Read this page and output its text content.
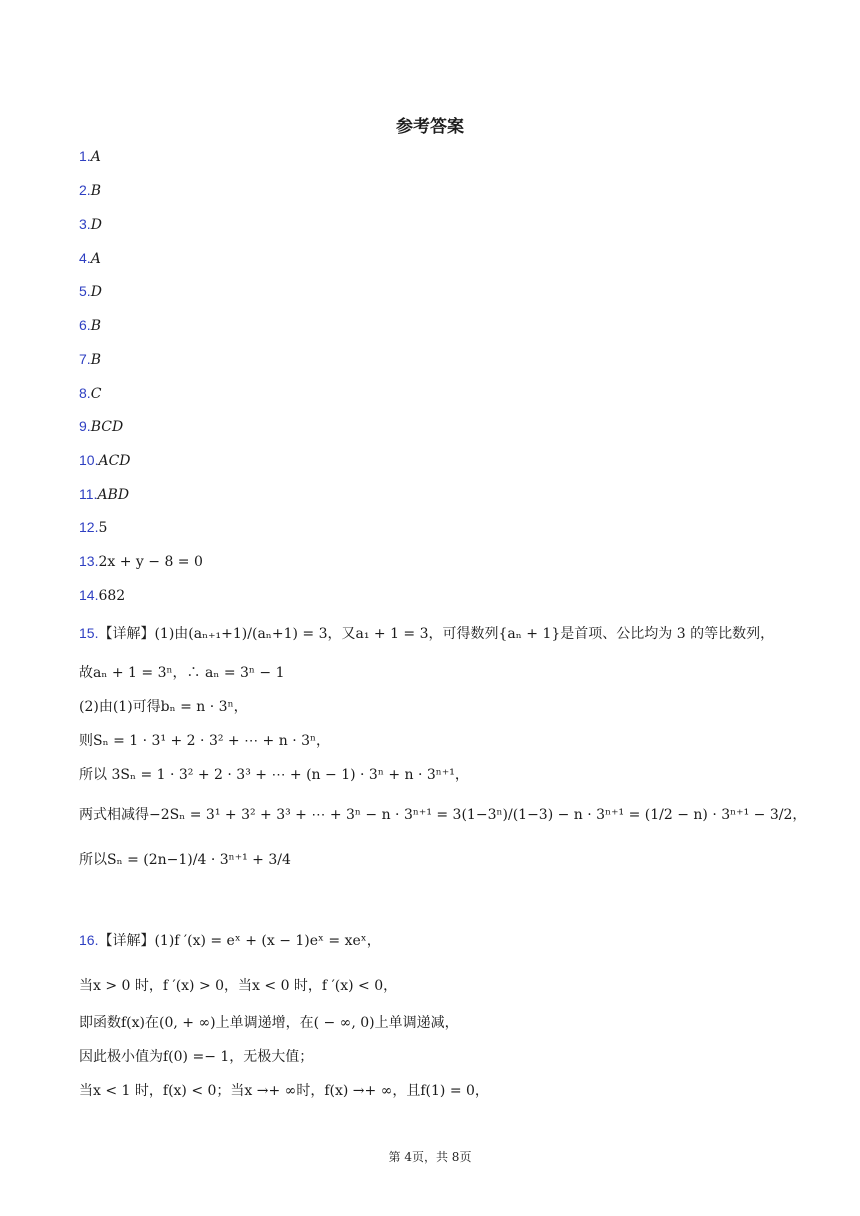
参考答案
1.A
2.B
3.D
4.A
5.D
6.B
7.B
8.C
9.BCD
10.ACD
11.ABD
12.5
13.2x + y − 8 = 0
14.682
15.【详解】(1)由(aₙ₊₁+1)/(aₙ+1) = 3，又a₁ + 1 = 3，可得数列{aₙ + 1}是首项、公比均为 3 的等比数列，
故aₙ + 1 = 3ⁿ，∴ aₙ = 3ⁿ − 1
(2)由(1)可得bₙ = n · 3ⁿ，
则Sₙ = 1 · 3¹ + 2 · 3² + ⋯ + n · 3ⁿ，
所以 3Sₙ = 1 · 3² + 2 · 3³ + ⋯ + (n − 1) · 3ⁿ + n · 3ⁿ⁺¹，
两式相减得−2Sₙ = 3¹ + 3² + 3³ + ⋯ + 3ⁿ − n · 3ⁿ⁺¹ = 3(1−3ⁿ)/(1−3) − n · 3ⁿ⁺¹ = (1/2 − n) · 3ⁿ⁺¹ − 3/2，
所以Sₙ = (2n−1)/4 · 3ⁿ⁺¹ + 3/4
16.【详解】(1)f ′(x) = eˣ + (x − 1)eˣ = xeˣ，
当x > 0 时，f ′(x) > 0，当x < 0 时，f ′(x) < 0，
即函数f(x)在(0, + ∞)上单调递增，在( − ∞, 0)上单调递减，
因此极小值为f(0) =− 1，无极大值；
当x < 1 时，f(x) < 0；当x →+ ∞时，f(x) →+ ∞，且f(1) = 0，
第 4页，共 8页
